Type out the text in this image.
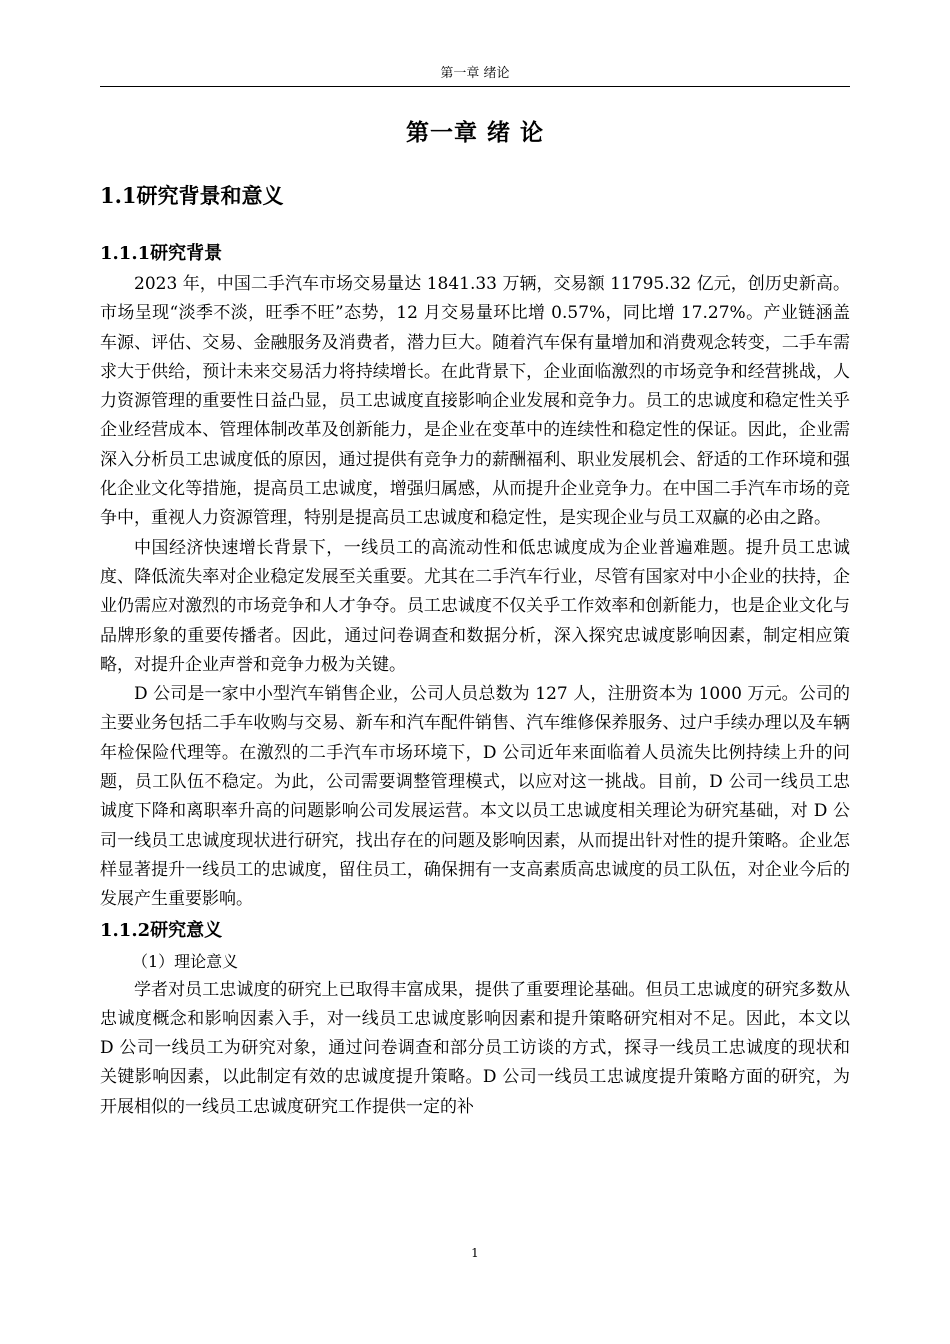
第一章 绪论
第一章 绪 论
1.1研究背景和意义
1.1.1研究背景

2023 年，中国二手汽车市场交易量达 1841.33 万辆，交易额 11795.32 亿元，创历史新高。市场呈现“淡季不淡，旺季不旺”态势，12 月交易量环比增 0.57%，同比增 17.27%。产业链涵盖车源、评估、交易、金融服务及消费者，潜力巨大。随着汽车保有量增加和消费观念转变，二手车需求大于供给，预计未来交易活力将持续增长。在此背景下，企业面临激烈的市场竞争和经营挑战，人力资源管理的重要性日益凸显，员工忠诚度直接影响企业发展和竞争力。员工的忠诚度和稳定性关乎企业经营成本、管理体制改革及创新能力，是企业在变革中的连续性和稳定性的保证。因此，企业需深入分析员工忠诚度低的原因，通过提供有竞争力的薪酬福利、职业发展机会、舒适的工作环境和强化企业文化等措施，提高员工忠诚度，增强归属感，从而提升企业竞争力。在中国二手汽车市场的竞争中，重视人力资源管理，特别是提高员工忠诚度和稳定性，是实现企业与员工双赢的必由之路。

中国经济快速增长背景下，一线员工的高流动性和低忠诚度成为企业普遍难题。提升员工忠诚度、降低流失率对企业稳定发展至关重要。尤其在二手汽车行业，尽管有国家对中小企业的扶持，企业仍需应对激烈的市场竞争和人才争夺。员工忠诚度不仅关乎工作效率和创新能力，也是企业文化与品牌形象的重要传播者。因此，通过问卷调查和数据分析，深入探究忠诚度影响因素，制定相应策略，对提升企业声誉和竞争力极为关键。

D 公司是一家中小型汽车销售企业，公司人员总数为 127 人，注册资本为 1000 万元。公司的主要业务包括二手车收购与交易、新车和汽车配件销售、汽车维修保养服务、过户手续办理以及车辆年检保险代理等。在激烈的二手汽车市场环境下，D 公司近年来面临着人员流失比例持续上升的问题，员工队伍不稳定。为此，公司需要调整管理模式，以应对这一挑战。目前，D 公司一线员工忠诚度下降和离职率升高的问题影响公司发展运营。本文以员工忠诚度相关理论为研究基础，对 D 公司一线员工忠诚度现状进行研究，找出存在的问题及影响因素，从而提出针对性的提升策略。企业怎样显著提升一线员工的忠诚度，留住员工，确保拥有一支高素质高忠诚度的员工队伍，对企业今后的发展产生重要影响。

1.1.2研究意义

（1）理论意义

学者对员工忠诚度的研究上已取得丰富成果，提供了重要理论基础。但员工忠诚度的研究多数从忠诚度概念和影响因素入手，对一线员工忠诚度影响因素和提升策略研究相对不足。因此，本文以 D 公司一线员工为研究对象，通过问卷调查和部分员工访谈的方式，探寻一线员工忠诚度的现状和关键影响因素，以此制定有效的忠诚度提升策略。D 公司一线员工忠诚度提升策略方面的研究，为开展相似的一线员工忠诚度研究工作提供一定的补

1
